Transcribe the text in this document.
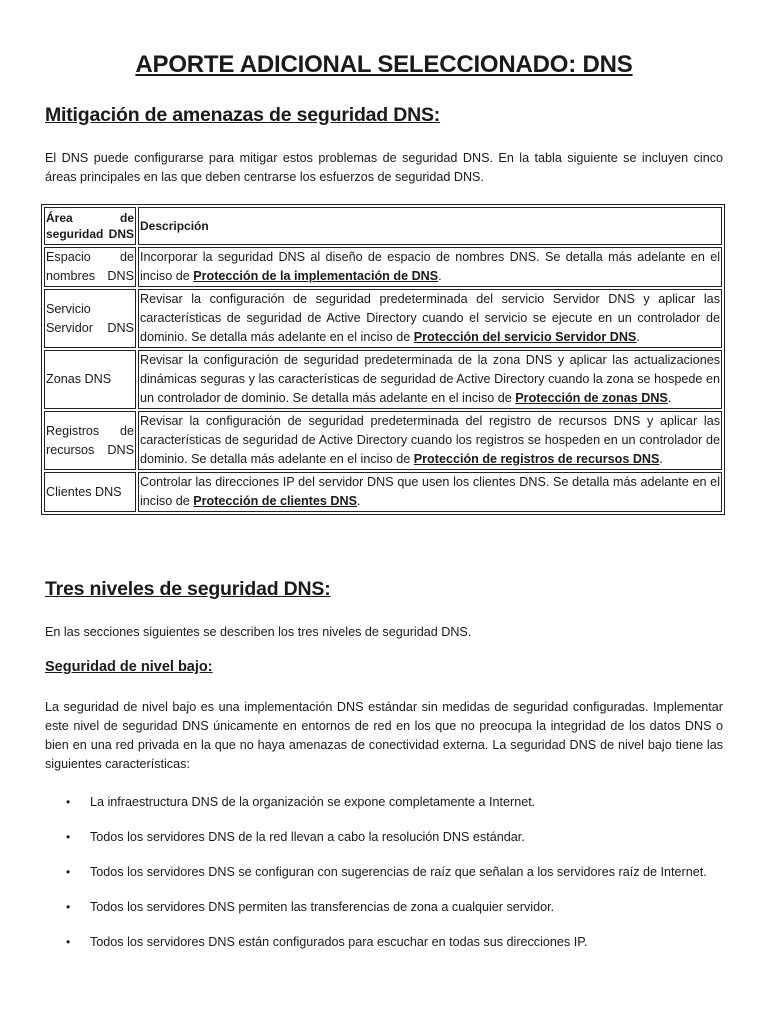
APORTE ADICIONAL SELECCIONADO: DNS
Mitigación de amenazas de seguridad DNS:
El DNS puede configurarse para mitigar estos problemas de seguridad DNS. En la tabla siguiente se incluyen cinco áreas principales en las que deben centrarse los esfuerzos de seguridad DNS.
Área de seguridad DNS	Descripción
Espacio de nombres DNS	Incorporar la seguridad DNS al diseño de espacio de nombres DNS. Se detalla más adelante en el inciso de Protección de la implementación de DNS.
Servicio Servidor DNS	Revisar la configuración de seguridad predeterminada del servicio Servidor DNS y aplicar las características de seguridad de Active Directory cuando el servicio se ejecute en un controlador de dominio. Se detalla más adelante en el inciso de Protección del servicio Servidor DNS.
Zonas DNS	Revisar la configuración de seguridad predeterminada de la zona DNS y aplicar las actualizaciones dinámicas seguras y las características de seguridad de Active Directory cuando la zona se hospede en un controlador de dominio. Se detalla más adelante en el inciso de Protección de zonas DNS.
Registros de recursos DNS	Revisar la configuración de seguridad predeterminada del registro de recursos DNS y aplicar las características de seguridad de Active Directory cuando los registros se hospeden en un controlador de dominio. Se detalla más adelante en el inciso de Protección de registros de recursos DNS.
Clientes DNS	Controlar las direcciones IP del servidor DNS que usen los clientes DNS. Se detalla más adelante en el inciso de Protección de clientes DNS.
Tres niveles de seguridad DNS:
En las secciones siguientes se describen los tres niveles de seguridad DNS.
Seguridad de nivel bajo:
La seguridad de nivel bajo es una implementación DNS estándar sin medidas de seguridad configuradas. Implementar este nivel de seguridad DNS únicamente en entornos de red en los que no preocupa la integridad de los datos DNS o bien en una red privada en la que no haya amenazas de conectividad externa. La seguridad DNS de nivel bajo tiene las siguientes características:
• La infraestructura DNS de la organización se expone completamente a Internet.
• Todos los servidores DNS de la red llevan a cabo la resolución DNS estándar.
• Todos los servidores DNS se configuran con sugerencias de raíz que señalan a los servidores raíz de Internet.
• Todos los servidores DNS permiten las transferencias de zona a cualquier servidor.
• Todos los servidores DNS están configurados para escuchar en todas sus direcciones IP.
